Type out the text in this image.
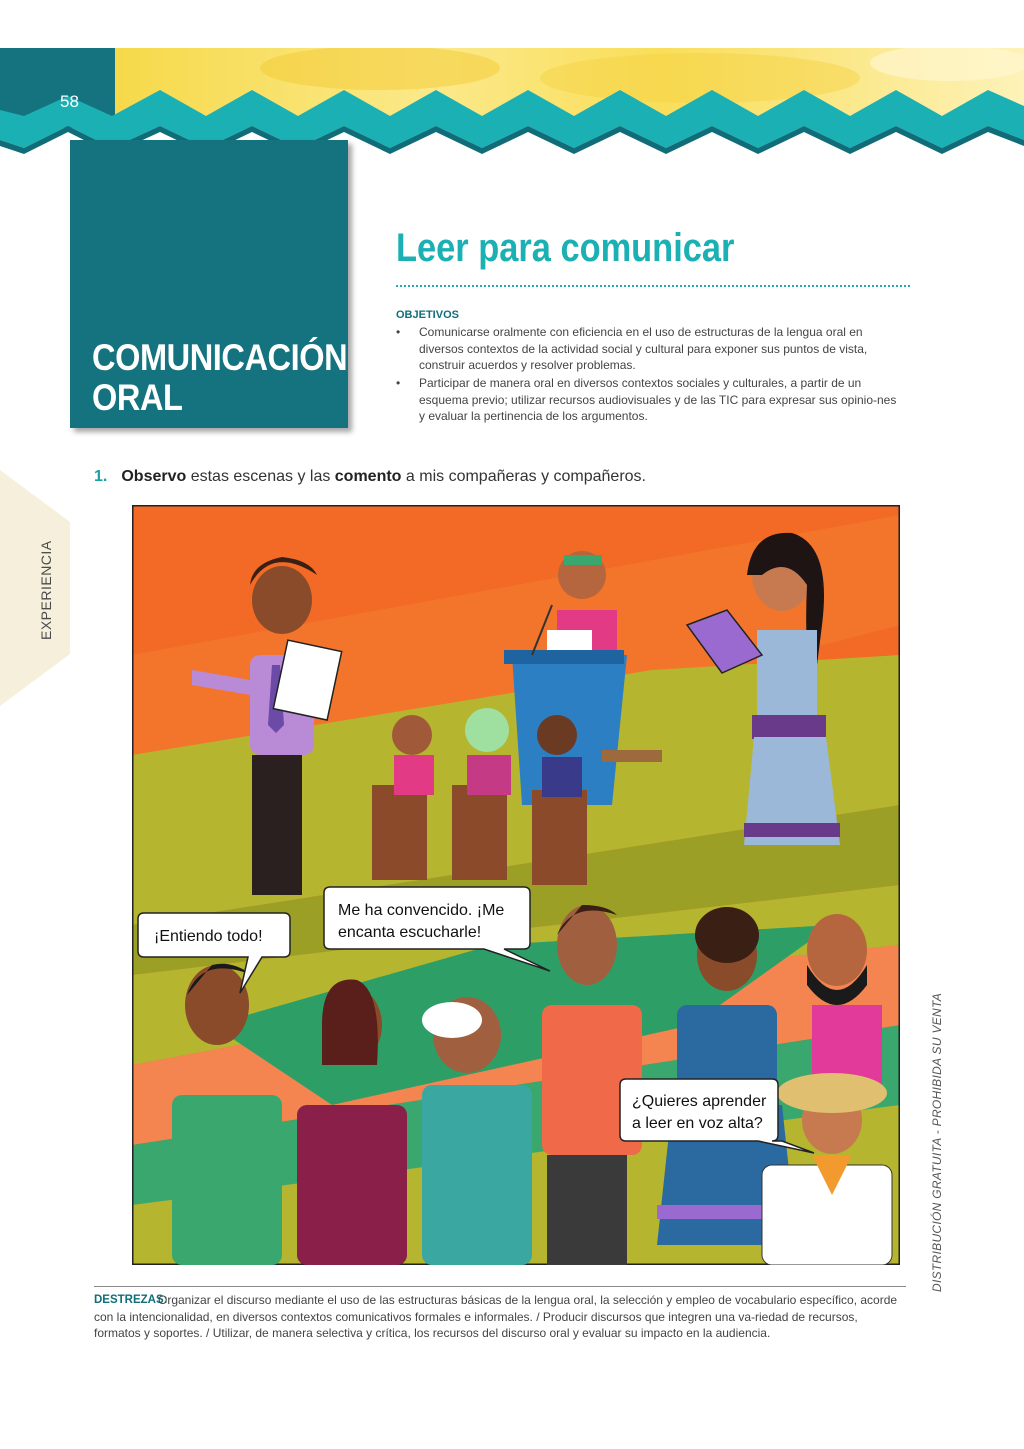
58
COMUNICACIÓN
ORAL
Leer para comunicar
OBJETIVOS
• Comunicarse oralmente con eficiencia en el uso de estructuras de la lengua oral en diversos contextos de la actividad social y cultural para exponer sus puntos de vista, construir acuerdos y resolver problemas.
• Participar de manera oral en diversos contextos sociales y culturales, a partir de un esquema previo; utilizar recursos audiovisuales y de las TIC para expresar sus opinio-nes y evaluar la pertinencia de los argumentos.
EXPERIENCIA
1. Observo estas escenas y las comento a mis compañeras y compañeros.
¡Entiendo todo!
Me ha convencido. ¡Me
encanta escucharle!
¿Quieres aprender
a leer en voz alta?	DISTRIBUCIÓN GRATUITA - PROHIBIDA SU VENTA
DESTREZAS:
Organizar el discurso mediante el uso de las estructuras básicas de la lengua oral, la selección y empleo de vocabulario específico, acorde con la intencionalidad, en diversos contextos comunicativos formales e informales. / Producir discursos que integren una va-riedad de recursos, formatos y soportes. / Utilizar, de manera selectiva y crítica, los recursos del discurso oral y evaluar su impacto en la audiencia.
